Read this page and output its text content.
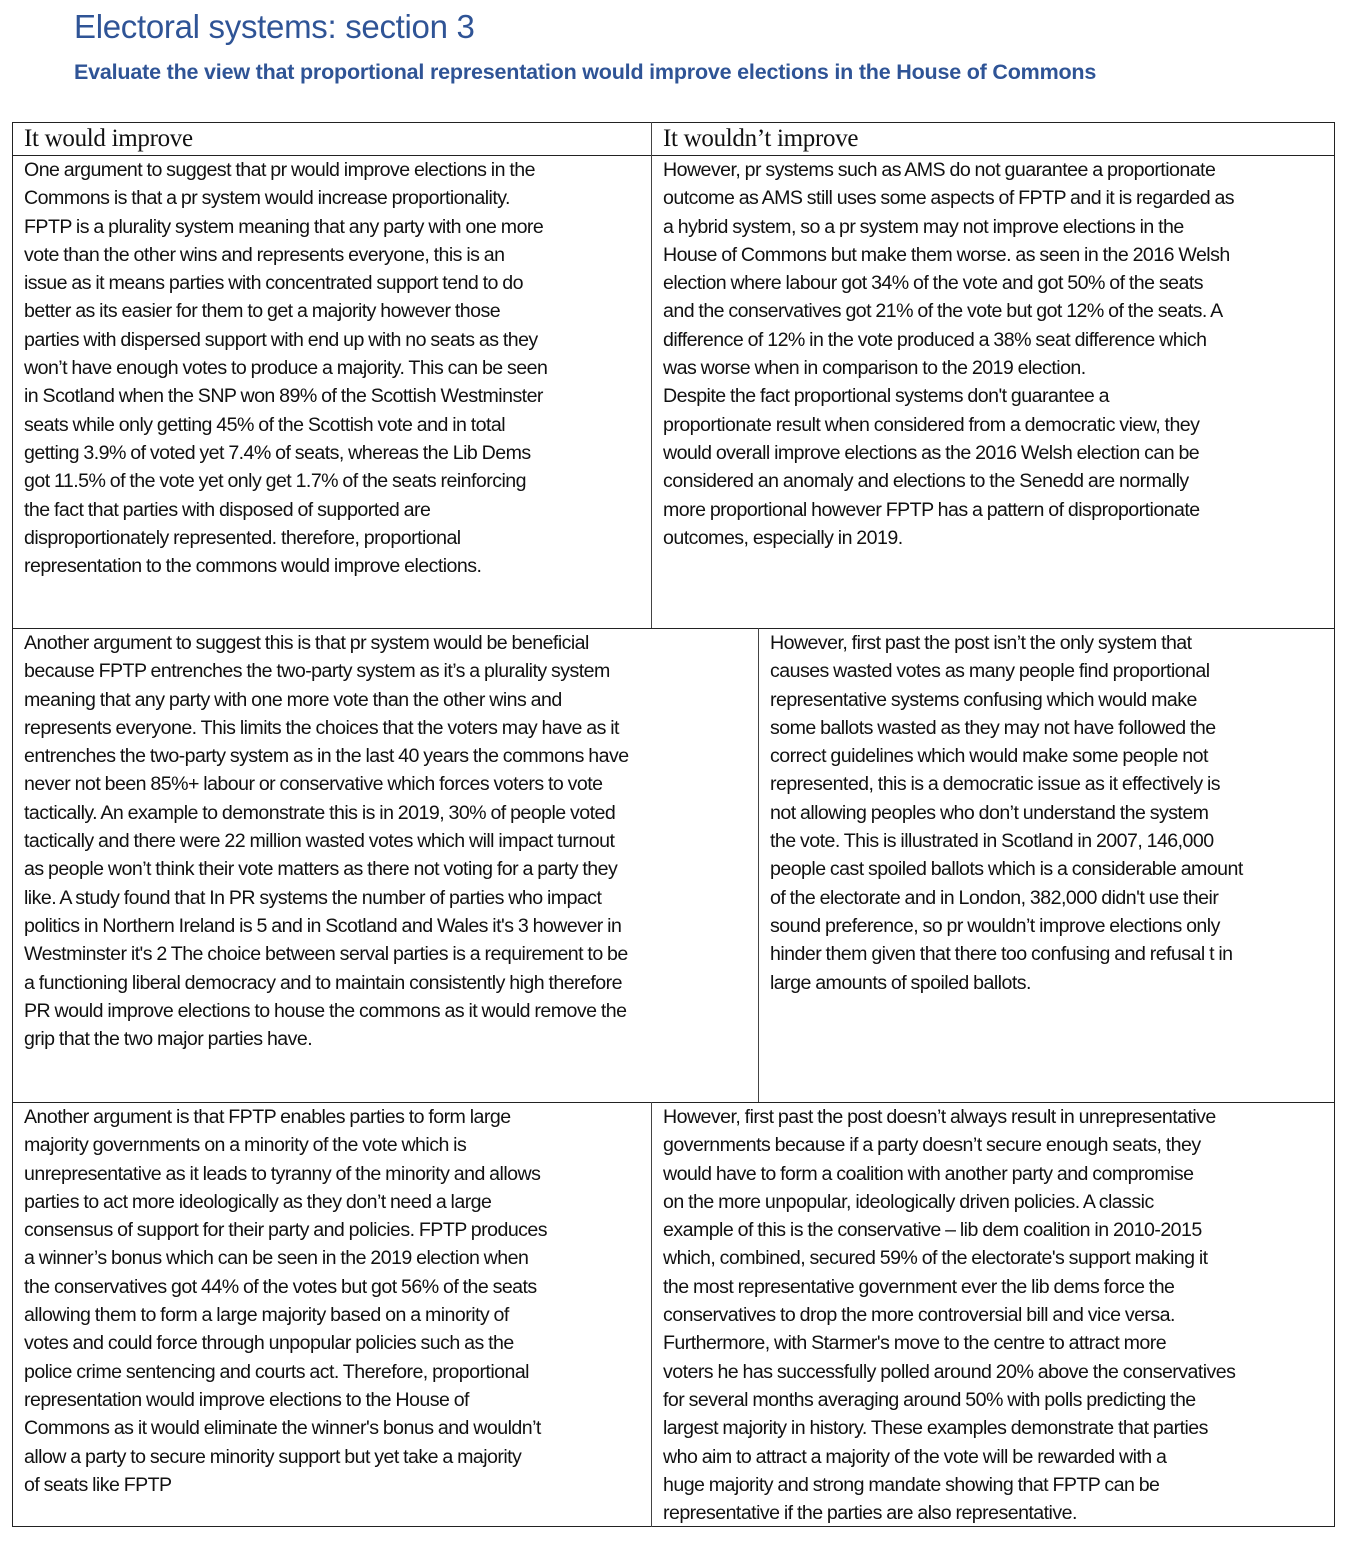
Electoral systems: section 3
Evaluate the view that proportional representation would improve elections in the House of Commons
It would improve	It wouldn’t improve
One argument to suggest that pr would improve elections in the
Commons is that a pr system would increase proportionality.
FPTP is a plurality system meaning that any party with one more
vote than the other wins and represents everyone, this is an
issue as it means parties with concentrated support tend to do
better as its easier for them to get a majority however those
parties with dispersed support with end up with no seats as they
won’t have enough votes to produce a majority. This can be seen
in Scotland when the SNP won 89% of the Scottish Westminster
seats while only getting 45% of the Scottish vote and in total
getting 3.9% of voted yet 7.4% of seats, whereas the Lib Dems
got 11.5% of the vote yet only get 1.7% of the seats reinforcing
the fact that parties with disposed of supported are
disproportionately represented. therefore, proportional
representation to the commons would improve elections.
However, pr systems such as AMS do not guarantee a proportionate
outcome as AMS still uses some aspects of FPTP and it is regarded as
a hybrid system, so a pr system may not improve elections in the
House of Commons but make them worse. as seen in the 2016 Welsh
election where labour got 34% of the vote and got 50% of the seats
and the conservatives got 21% of the vote but got 12% of the seats. A
difference of 12% in the vote produced a 38% seat difference which
was worse when in comparison to the 2019 election.
Despite the fact proportional systems don't guarantee a
proportionate result when considered from a democratic view, they
would overall improve elections as the 2016 Welsh election can be
considered an anomaly and elections to the Senedd are normally
more proportional however FPTP has a pattern of disproportionate
outcomes, especially in 2019.
Another argument to suggest this is that pr system would be beneficial
because FPTP entrenches the two-party system as it’s a plurality system
meaning that any party with one more vote than the other wins and
represents everyone. This limits the choices that the voters may have as it
entrenches the two-party system as in the last 40 years the commons have
never not been 85%+ labour or conservative which forces voters to vote
tactically. An example to demonstrate this is in 2019, 30% of people voted
tactically and there were 22 million wasted votes which will impact turnout
as people won’t think their vote matters as there not voting for a party they
like. A study found that In PR systems the number of parties who impact
politics in Northern Ireland is 5 and in Scotland and Wales it's 3 however in
Westminster it's 2 The choice between serval parties is a requirement to be
a functioning liberal democracy and to maintain consistently high therefore
PR would improve elections to house the commons as it would remove the
grip that the two major parties have.
However, first past the post isn’t the only system that
causes wasted votes as many people find proportional
representative systems confusing which would make
some ballots wasted as they may not have followed the
correct guidelines which would make some people not
represented, this is a democratic issue as it effectively is
not allowing peoples who don’t understand the system
the vote. This is illustrated in Scotland in 2007, 146,000
people cast spoiled ballots which is a considerable amount
of the electorate and in London, 382,000 didn't use their
sound preference, so pr wouldn’t improve elections only
hinder them given that there too confusing and refusal t in
large amounts of spoiled ballots.
Another argument is that FPTP enables parties to form large
majority governments on a minority of the vote which is
unrepresentative as it leads to tyranny of the minority and allows
parties to act more ideologically as they don’t need a large
consensus of support for their party and policies. FPTP produces
a winner’s bonus which can be seen in the 2019 election when
the conservatives got 44% of the votes but got 56% of the seats
allowing them to form a large majority based on a minority of
votes and could force through unpopular policies such as the
police crime sentencing and courts act. Therefore, proportional
representation would improve elections to the House of
Commons as it would eliminate the winner's bonus and wouldn’t
allow a party to secure minority support but yet take a majority
of seats like FPTP
However, first past the post doesn’t always result in unrepresentative
governments because if a party doesn’t secure enough seats, they
would have to form a coalition with another party and compromise
on the more unpopular, ideologically driven policies. A classic
example of this is the conservative – lib dem coalition in 2010-2015
which, combined, secured 59% of the electorate's support making it
the most representative government ever the lib dems force the
conservatives to drop the more controversial bill and vice versa.
Furthermore, with Starmer's move to the centre to attract more
voters he has successfully polled around 20% above the conservatives
for several months averaging around 50% with polls predicting the
largest majority in history. These examples demonstrate that parties
who aim to attract a majority of the vote will be rewarded with a
huge majority and strong mandate showing that FPTP can be
representative if the parties are also representative.
